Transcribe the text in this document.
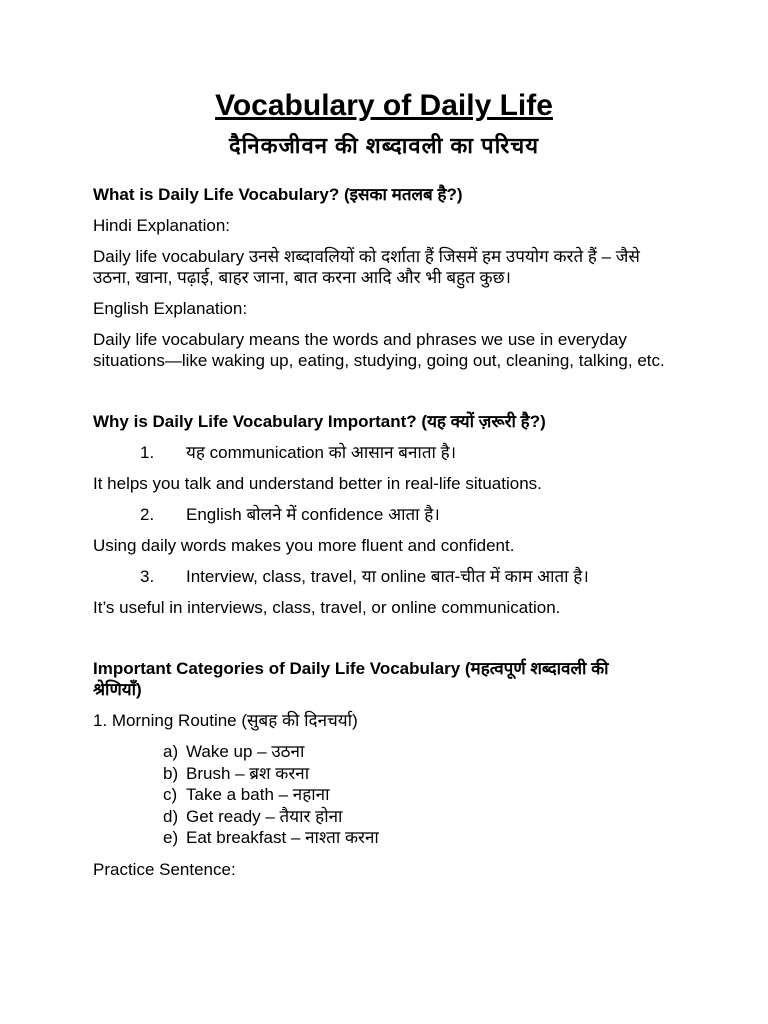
Vocabulary of Daily Life
दैनिकजीवन की शब्दावली का परिचय

What is Daily Life Vocabulary? (इसका मतलब है?)

Hindi Explanation:

Daily life vocabulary उनसे शब्दावलियों को दर्शाता हैं जिसमें हम उपयोग करते हैं – जैसे उठना, खाना, पढ़ाई, बाहर जाना, बात करना आदि और भी बहुत कुछ।

English Explanation:

Daily life vocabulary means the words and phrases we use in everyday situations—like waking up, eating, studying, going out, cleaning, talking, etc.

Why is Daily Life Vocabulary Important? (यह क्यों ज़रूरी है?)

1.	यह communication को आसान बनाता है।

It helps you talk and understand better in real-life situations.

2.	English बोलने में confidence आता है।

Using daily words makes you more fluent and confident.

3.	Interview, class, travel, या online बात-चीत में काम आता है।

It’s useful in interviews, class, travel, or online communication.

Important Categories of Daily Life Vocabulary (महत्वपूर्ण शब्दावली की
श्रेणियाँ)

1. Morning Routine (सुबह की दिनचर्या)

a) Wake up – उठना
b) Brush – ब्रश करना
c) Take a bath – नहाना
d) Get ready – तैयार होना
e) Eat breakfast – नाश्ता करना

Practice Sentence:
